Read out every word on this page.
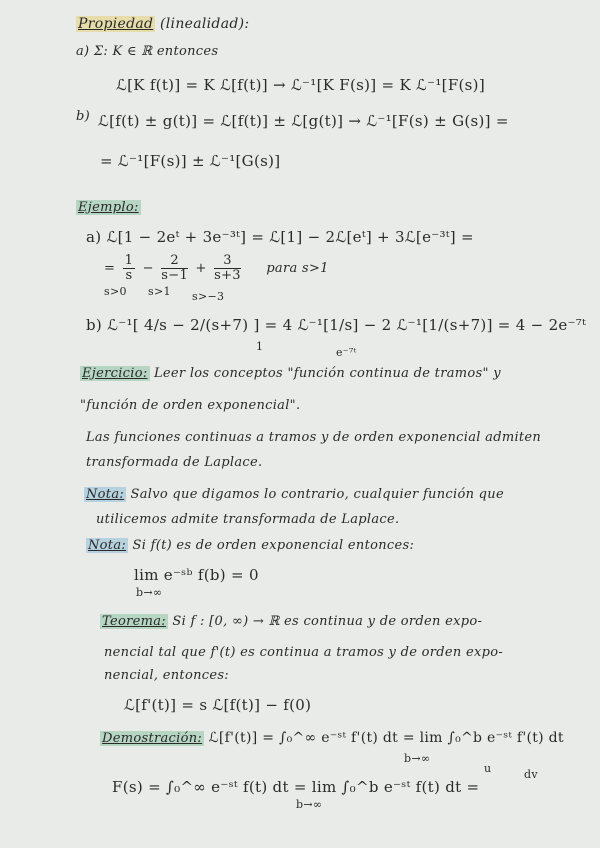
Propiedad (linealidad):
a) Σ: K ∈ ℝ entonces
ℒ[K f(t)] = K ℒ[f(t)] → ℒ⁻¹[K F(s)] = K ℒ⁻¹[F(s)]
b) ℒ[f(t) ± g(t)] = ℒ[f(t)] ± ℒ[g(t)] → ℒ⁻¹[F(s) ± G(s)] =
= ℒ⁻¹[F(s)] ± ℒ⁻¹[G(s)]
Ejemplo:
a) ℒ[1 − 2eᵗ + 3e⁻³ᵗ] = ℒ[1] − 2ℒ[eᵗ] + 3ℒ[e⁻³ᵗ] =
= $\frac{1}{s} - \frac{2}{s-1} + \frac{3}{s+3}$ para s>1
s>0 s>1 s>−3
b) ℒ⁻¹[ 4/s − 2/(s+7) ] = 4 ℒ⁻¹[1/s] − 2 ℒ⁻¹[1/(s+7)] = 4 − 2e⁻⁷ᵗ
1	e⁻⁷ᵗ
Ejercicio: Leer los conceptos "función continua de tramos" y
"función de orden exponencial".
Las funciones continuas a tramos y de orden exponencial admiten
transformada de Laplace.
Nota: Salvo que digamos lo contrario, cualquier función que
utilicemos admite transformada de Laplace.
Nota: Si f(t) es de orden exponencial entonces:
lim e⁻ˢᵇ f(b) = 0
b→∞
Teorema: Si f : [0, ∞) → ℝ es continua y de orden expo-
nencial tal que f'(t) es continua a tramos y de orden expo-
nencial, entonces:
ℒ[f'(t)] = s ℒ[f(t)] − f(0)
Demostración: ℒ[f'(t)] = ∫₀^∞ e⁻ˢᵗ f'(t) dt = lim ∫₀^b e⁻ˢᵗ f'(t) dt
b→∞
u	dv
F(s) = ∫₀^∞ e⁻ˢᵗ f(t) dt = lim ∫₀^b e⁻ˢᵗ f(t) dt =
b→∞
